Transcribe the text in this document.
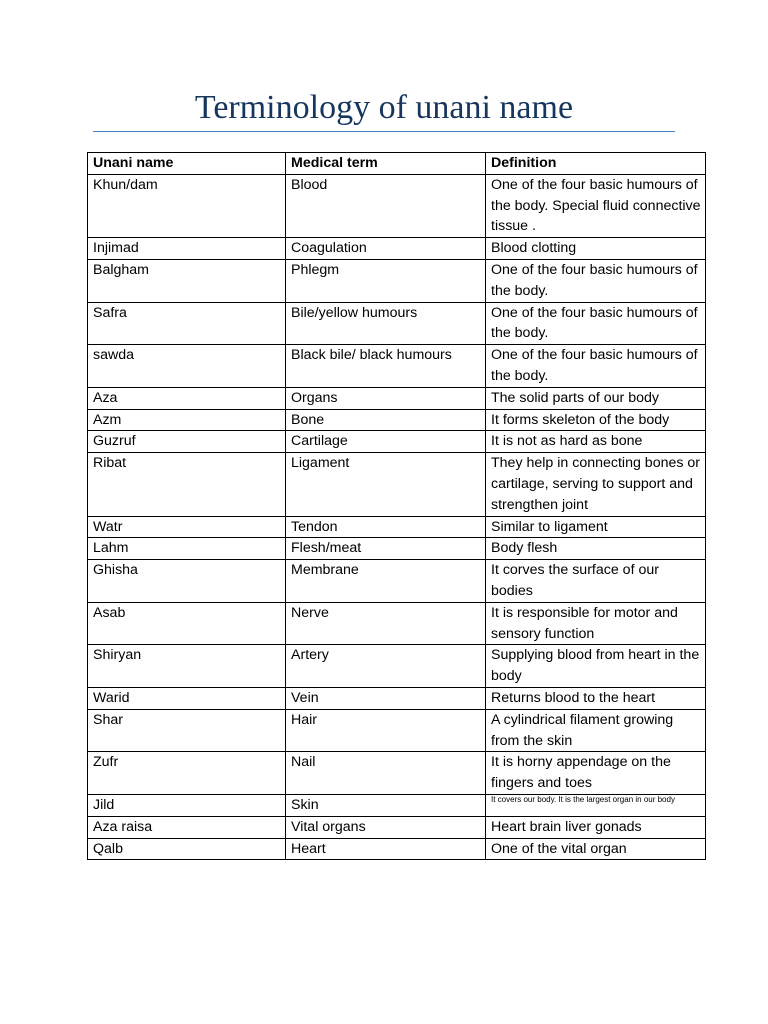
Terminology of unani name
Unani name	Medical term	Definition
Khun/dam	Blood	One of the four basic humours of the body. Special fluid connective tissue .
Injimad	Coagulation	Blood clotting
Balgham	Phlegm	One of the four basic humours of the body.
Safra	Bile/yellow humours	One of the four basic humours of the body.
sawda	Black bile/ black humours	One of the four basic humours of the body.
Aza	Organs	The solid parts of our body
Azm	Bone	It forms skeleton of the body
Guzruf	Cartilage	It is not as hard as bone
Ribat	Ligament	They help in connecting bones or cartilage, serving to support and strengthen joint
Watr	Tendon	Similar to ligament
Lahm	Flesh/meat	Body flesh
Ghisha	Membrane	It corves the surface of our bodies
Asab	Nerve	It is responsible for motor and sensory function
Shiryan	Artery	Supplying blood from heart in the body
Warid	Vein	Returns blood to the heart
Shar	Hair	A cylindrical filament growing from the skin
Zufr	Nail	It is horny appendage on the fingers and toes
Jild	Skin	It covers our body. It is the largest organ in our body

Aza raisa	Vital organs	Heart brain liver gonads
Qalb	Heart	One of the vital organ
